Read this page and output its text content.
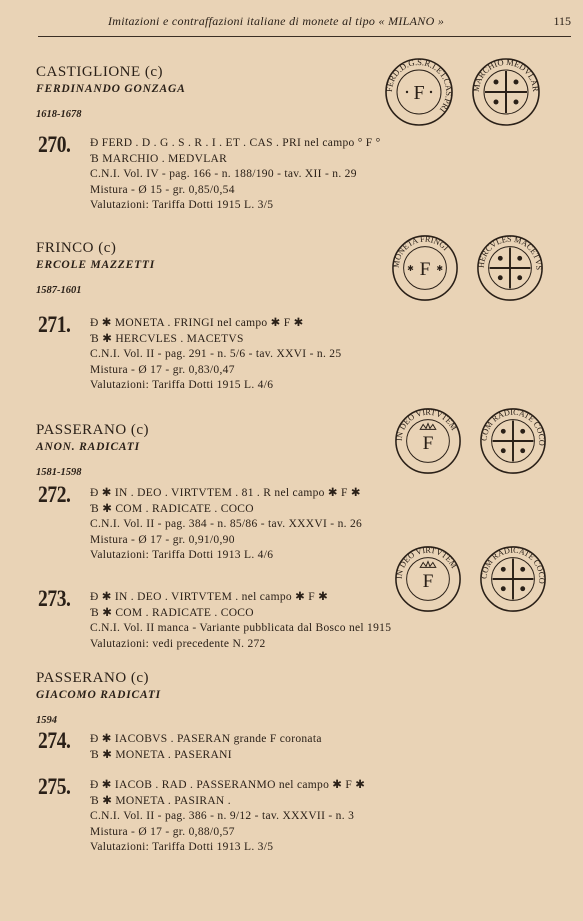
Imitazioni e contraffazioni italiane di monete al tipo « MILANO »	115
CASTIGLIONE (c)
FERDINANDO GONZAGA
1618-1678
FERD.D.G.S.R.I.ET.CAS.PRI
F	MARCHIO MEDVLAR
270. Ɖ FERD . D . G . S . R . I . ET . CAS . PRI nel campo ° F °
Ɓ MARCHIO . MEDVLAR
C.N.I. Vol. IV - pag. 166 - n. 188/190 - tav. XII - n. 29
Mistura - Ø 15 - gr. 0,85/0,54
Valutazioni: Tariffa Dotti 1915 L. 3/5
FRINCO (c)
ERCOLE MAZZETTI
1587-1601
MONETA FRINGI
F
✱	✱	HERCVLES MACETVS
271. Ɖ ✱ MONETA . FRINGI nel campo ✱ F ✱
Ɓ ✱ HERCVLES . MACETVS
C.N.I. Vol. II - pag. 291 - n. 5/6 - tav. XXVI - n. 25
Mistura - Ø 17 - gr. 0,83/0,47
Valutazioni: Tariffa Dotti 1915 L. 4/6
PASSERANO (c)
ANON. RADICATI
1581-1598
IN DEO VIRTVTEM
F	COM RADICATE COCO
272. Ɖ ✱ IN . DEO . VIRTVTEM . 81 . R nel campo ✱ F ✱
Ɓ ✱ COM . RADICATE . COCO
C.N.I. Vol. II - pag. 384 - n. 85/86 - tav. XXXVI - n. 26
Mistura - Ø 17 - gr. 0,91/0,90
Valutazioni: Tariffa Dotti 1913 L. 4/6
IN DEO VIRTVTEM
F	COM RADICATE COCO
273. Ɖ ✱ IN . DEO . VIRTVTEM . nel campo ✱ F ✱
Ɓ ✱ COM . RADICATE . COCO
C.N.I. Vol. II manca - Variante pubblicata dal Bosco nel 1915
Valutazioni: vedi precedente N. 272
PASSERANO (c)
GIACOMO RADICATI
1594
274. Ɖ ✱ IACOBVS . PASERAN grande F coronata
Ɓ ✱ MONETA . PASERANI
275. Ɖ ✱ IACOB . RAD . PASSERANMO nel campo ✱ F ✱
Ɓ ✱ MONETA . PASIRAN .
C.N.I. Vol. II - pag. 386 - n. 9/12 - tav. XXXVII - n. 3
Mistura - Ø 17 - gr. 0,88/0,57
Valutazioni: Tariffa Dotti 1913 L. 3/5
